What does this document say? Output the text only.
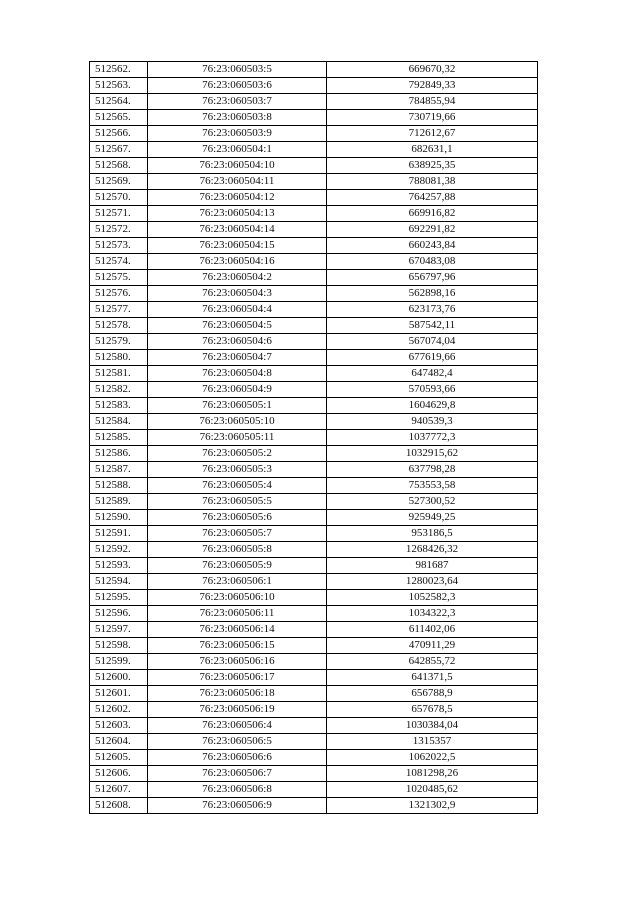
512562.	76:23:060503:5	669670,32
512563.	76:23:060503:6	792849,33
512564.	76:23:060503:7	784855,94
512565.	76:23:060503:8	730719,66
512566.	76:23:060503:9	712612,67
512567.	76:23:060504:1	682631,1
512568.	76:23:060504:10	638925,35
512569.	76:23:060504:11	788081,38
512570.	76:23:060504:12	764257,88
512571.	76:23:060504:13	669916,82
512572.	76:23:060504:14	692291,82
512573.	76:23:060504:15	660243,84
512574.	76:23:060504:16	670483,08
512575.	76:23:060504:2	656797,96
512576.	76:23:060504:3	562898,16
512577.	76:23:060504:4	623173,76
512578.	76:23:060504:5	587542,11
512579.	76:23:060504:6	567074,04
512580.	76:23:060504:7	677619,66
512581.	76:23:060504:8	647482,4
512582.	76:23:060504:9	570593,66
512583.	76:23:060505:1	1604629,8
512584.	76:23:060505:10	940539,3
512585.	76:23:060505:11	1037772,3
512586.	76:23:060505:2	1032915,62
512587.	76:23:060505:3	637798,28
512588.	76:23:060505:4	753553,58
512589.	76:23:060505:5	527300,52
512590.	76:23:060505:6	925949,25
512591.	76:23:060505:7	953186,5
512592.	76:23:060505:8	1268426,32
512593.	76:23:060505:9	981687
512594.	76:23:060506:1	1280023,64
512595.	76:23:060506:10	1052582,3
512596.	76:23:060506:11	1034322,3
512597.	76:23:060506:14	611402,06
512598.	76:23:060506:15	470911,29
512599.	76:23:060506:16	642855,72
512600.	76:23:060506:17	641371,5
512601.	76:23:060506:18	656788,9
512602.	76:23:060506:19	657678,5
512603.	76:23:060506:4	1030384,04
512604.	76:23:060506:5	1315357
512605.	76:23:060506:6	1062022,5
512606.	76:23:060506:7	1081298,26
512607.	76:23:060506:8	1020485,62
512608.	76:23:060506:9	1321302,9
